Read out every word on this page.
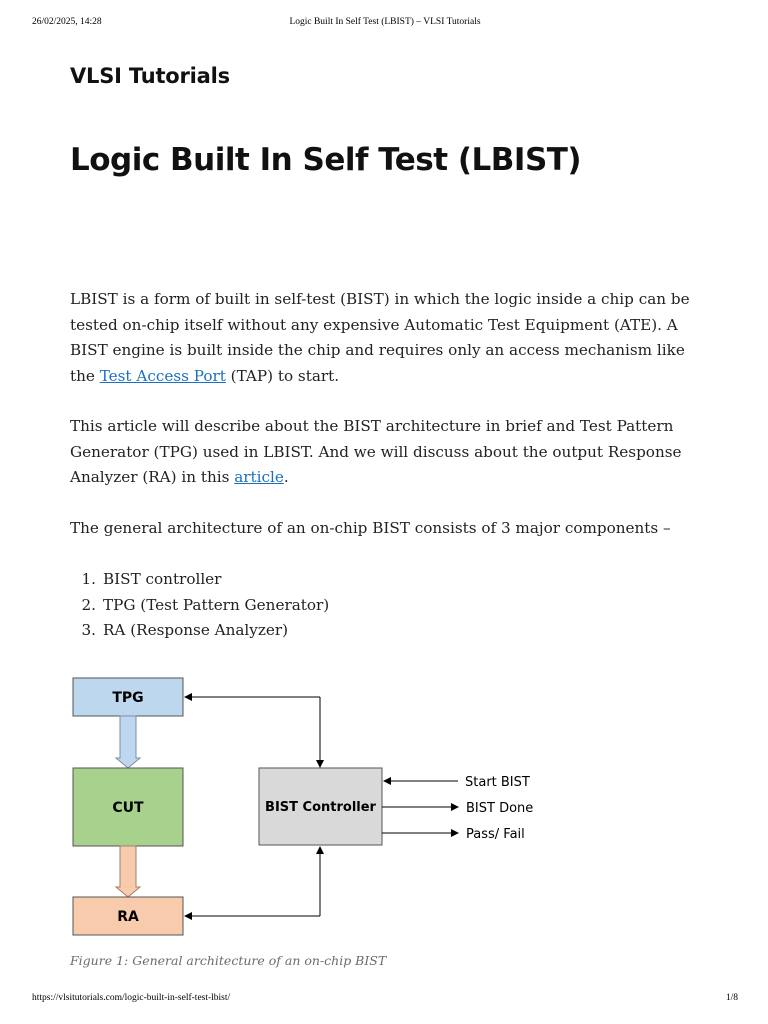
26/02/2025, 14:28	Logic Built In Self Test (LBIST) – VLSI Tutorials
VLSI Tutorials
Logic Built In Self Test (LBIST)

LBIST is a form of built in self-test (BIST) in which the logic inside a chip can be tested on-chip itself without any expensive Automatic Test Equipment (ATE). A BIST engine is built inside the chip and requires only an access mechanism like the Test Access Port (TAP) to start.

This article will describe about the BIST architecture in brief and Test Pattern Generator (TPG) used in LBIST. And we will discuss about the output Response Analyzer (RA) in this article.

The general architecture of an on-chip BIST consists of 3 major components –

1. BIST controller
2. TPG (Test Pattern Generator)
3. RA (Response Analyzer)
TPG
CUT
RA
BIST Controller
Start BIST
BIST Done
Pass/ Fail

Figure 1: General architecture of an on-chip BIST

https://vlsitutorials.com/logic-built-in-self-test-lbist/	1/8
